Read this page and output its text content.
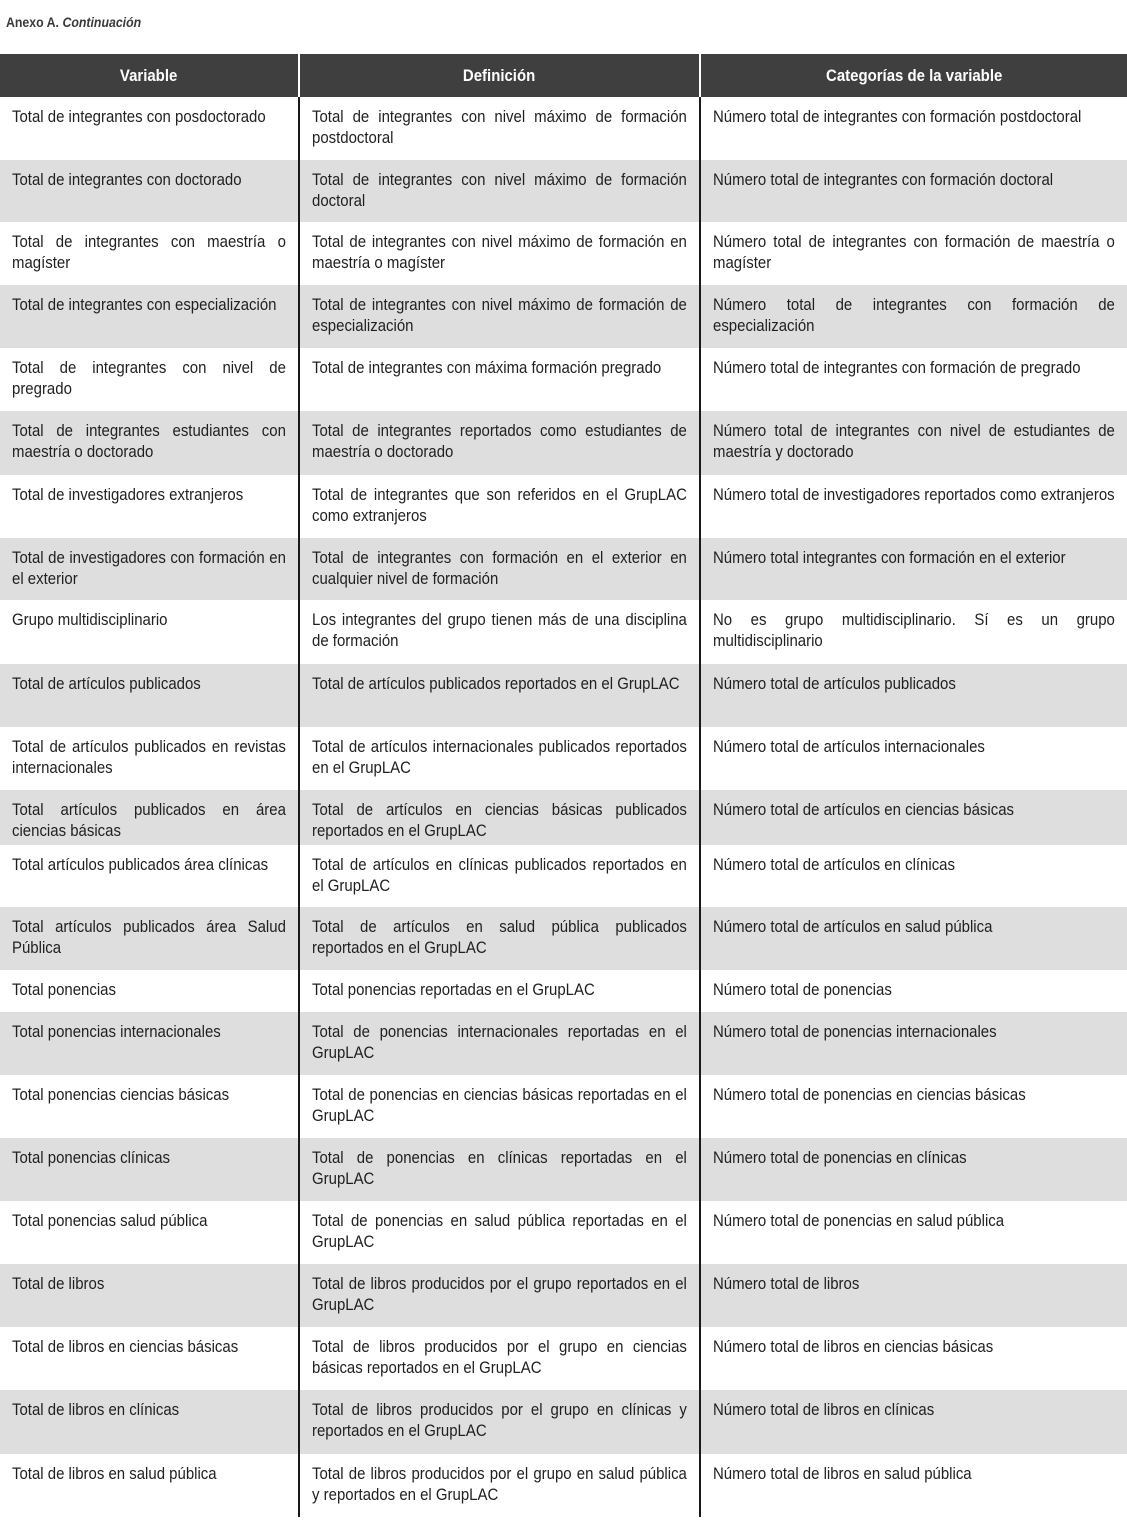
Anexo A. Continuación
Variable	Definición	Categorías de la variable

Total de integrantes con posdoctorado	Total de integrantes con nivel máximo de formación postdoctoral	Número total de integrantes con formación postdoctoral

Total de integrantes con doctorado	Total de integrantes con nivel máximo de formación doctoral	Número total de integrantes con formación doctoral

Total de integrantes con maestría o magíster	Total de integrantes con nivel máximo de formación en maestría o magíster	Número total de integrantes con formación de maestría o magíster

Total de integrantes con especialización	Total de integrantes con nivel máximo de formación de especialización	Número total de integrantes con formación de especialización

Total de integrantes con nivel de pregrado	Total de integrantes con máxima formación pregrado	Número total de integrantes con formación de pregrado

Total de integrantes estudiantes con maestría o doctorado	Total de integrantes reportados como estudiantes de maestría o doctorado	Número total de integrantes con nivel de estudiantes de maestría y doctorado

Total de investigadores extranjeros	Total de integrantes que son referidos en el GrupLAC como extranjeros	Número total de investigadores reportados como extranjeros

Total de investigadores con formación en el exterior	Total de integrantes con formación en el exterior en cualquier nivel de formación	Número total integrantes con formación en el exterior

Grupo multidisciplinario	Los integrantes del grupo tienen más de una disciplina de formación	No es grupo multidisciplinario. Sí es un grupo multidisciplinario

Total de artículos publicados	Total de artículos publicados reportados en el GrupLAC	Número total de artículos publicados

Total de artículos publicados en revistas internacionales	Total de artículos internacionales publicados reportados en el GrupLAC	Número total de artículos internacionales

Total artículos publicados en área ciencias básicas	Total de artículos en ciencias básicas publicados reportados en el GrupLAC	Número total de artículos en ciencias básicas

Total artículos publicados área clínicas	Total de artículos en clínicas publicados reportados en el GrupLAC	Número total de artículos en clínicas

Total artículos publicados área Salud Pública	Total de artículos en salud pública publicados reportados en el GrupLAC	Número total de artículos en salud pública

Total ponencias	Total ponencias reportadas en el GrupLAC	Número total de ponencias

Total ponencias internacionales	Total de ponencias internacionales reportadas en el GrupLAC	Número total de ponencias internacionales

Total ponencias ciencias básicas	Total de ponencias en ciencias básicas reportadas en el GrupLAC	Número total de ponencias en ciencias básicas

Total ponencias clínicas	Total de ponencias en clínicas reportadas en el GrupLAC	Número total de ponencias en clínicas

Total ponencias salud pública	Total de ponencias en salud pública reportadas en el GrupLAC	Número total de ponencias en salud pública

Total de libros	Total de libros producidos por el grupo reportados en el GrupLAC	Número total de libros

Total de libros en ciencias básicas	Total de libros producidos por el grupo en ciencias básicas reportados en el GrupLAC	Número total de libros en ciencias básicas

Total de libros en clínicas	Total de libros producidos por el grupo en clínicas y reportados en el GrupLAC	Número total de libros en clínicas

Total de libros en salud pública	Total de libros producidos por el grupo en salud pública y reportados en el GrupLAC	Número total de libros en salud pública
